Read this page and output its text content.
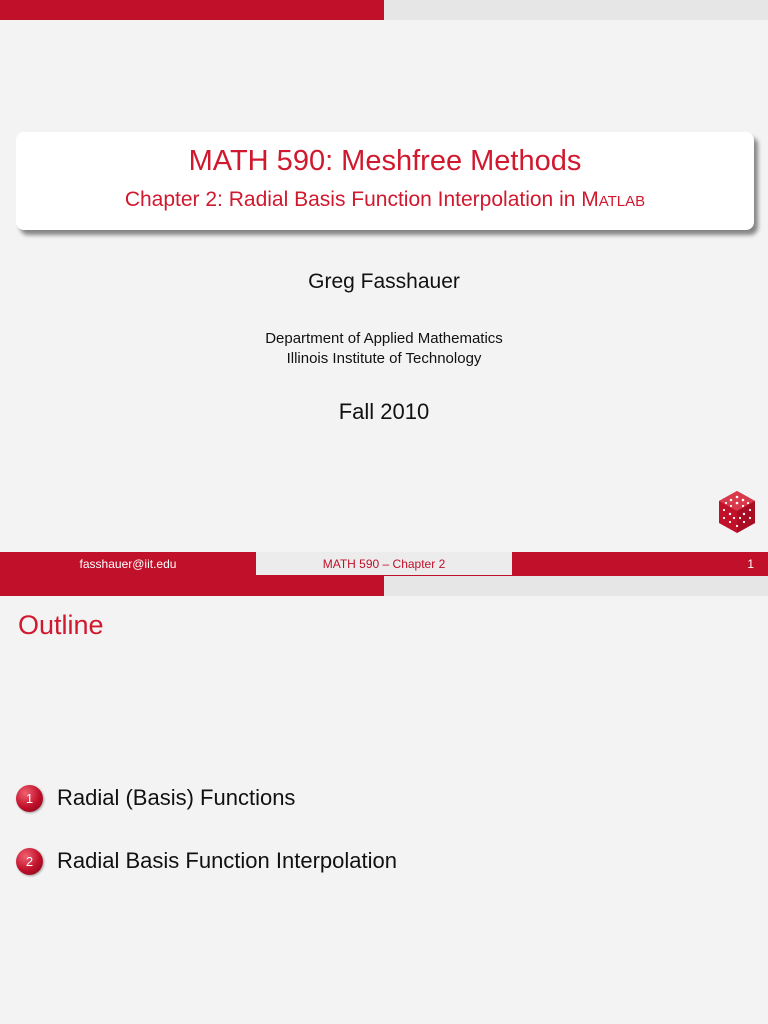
MATH 590: Meshfree Methods
Chapter 2: Radial Basis Function Interpolation in Matlab
Greg Fasshauer
Department of Applied Mathematics
Illinois Institute of Technology
Fall 2010
fasshauer@iit.edu	MATH 590 – Chapter 2	1
Outline
1	Radial (Basis) Functions
2	Radial Basis Function Interpolation
